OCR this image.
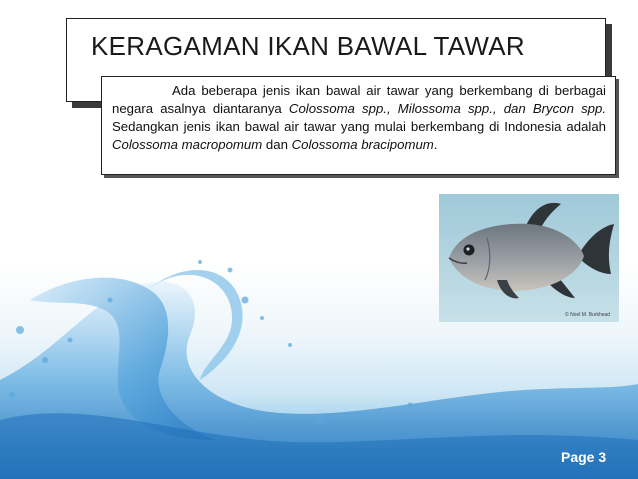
KERAGAMAN IKAN BAWAL TAWAR

Ada beberapa jenis ikan bawal air tawar yang berkembang di berbagai negara asalnya diantaranya Colossoma spp., Milossoma spp., dan Brycon spp. Sedangkan jenis ikan bawal air tawar yang mulai berkembang di Indonesia adalah Colossoma macropomum dan Colossoma bracipomum.

© Noel M. Burkhead
Page 3
